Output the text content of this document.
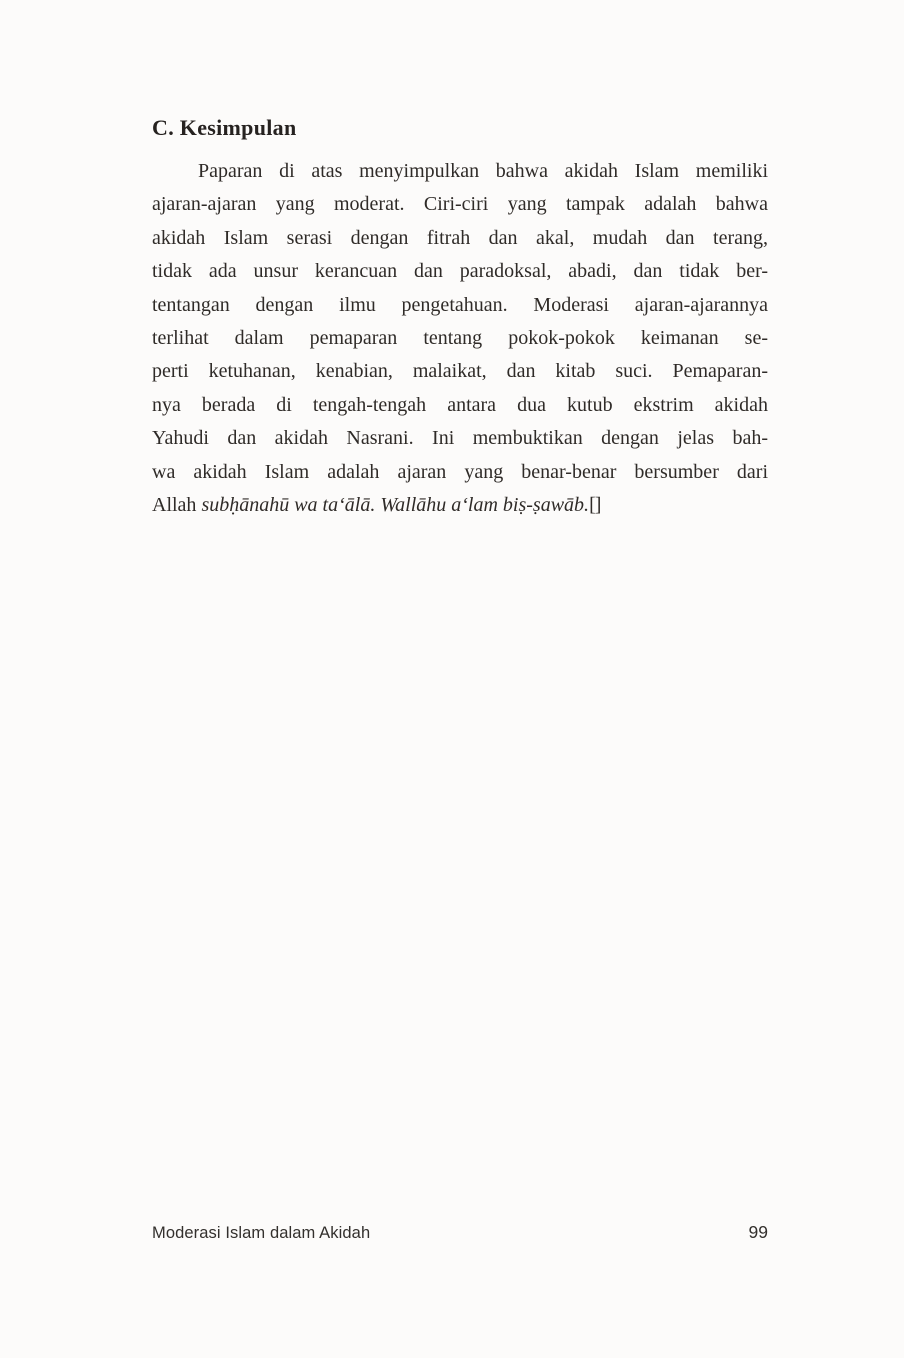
C. Kesimpulan
Paparan di atas menyimpulkan bahwa akidah Islam memiliki
ajaran-ajaran yang moderat. Ciri-ciri yang tampak adalah bahwa
akidah Islam serasi dengan fitrah dan akal, mudah dan terang,
tidak ada unsur kerancuan dan paradoksal, abadi, dan tidak ber-
tentangan dengan ilmu pengetahuan. Moderasi ajaran-ajarannya
terlihat dalam pemaparan tentang pokok-pokok keimanan se-
perti ketuhanan, kenabian, malaikat, dan kitab suci. Pemaparan-
nya berada di tengah-tengah antara dua kutub ekstrim akidah
Yahudi dan akidah Nasrani. Ini membuktikan dengan jelas bah-
wa akidah Islam adalah ajaran yang benar-benar bersumber dari
Allah subḥānahū wa ta‘ālā. Wallāhu a‘lam biṣ-ṣawāb.[]
Moderasi Islam dalam Akidah	99
